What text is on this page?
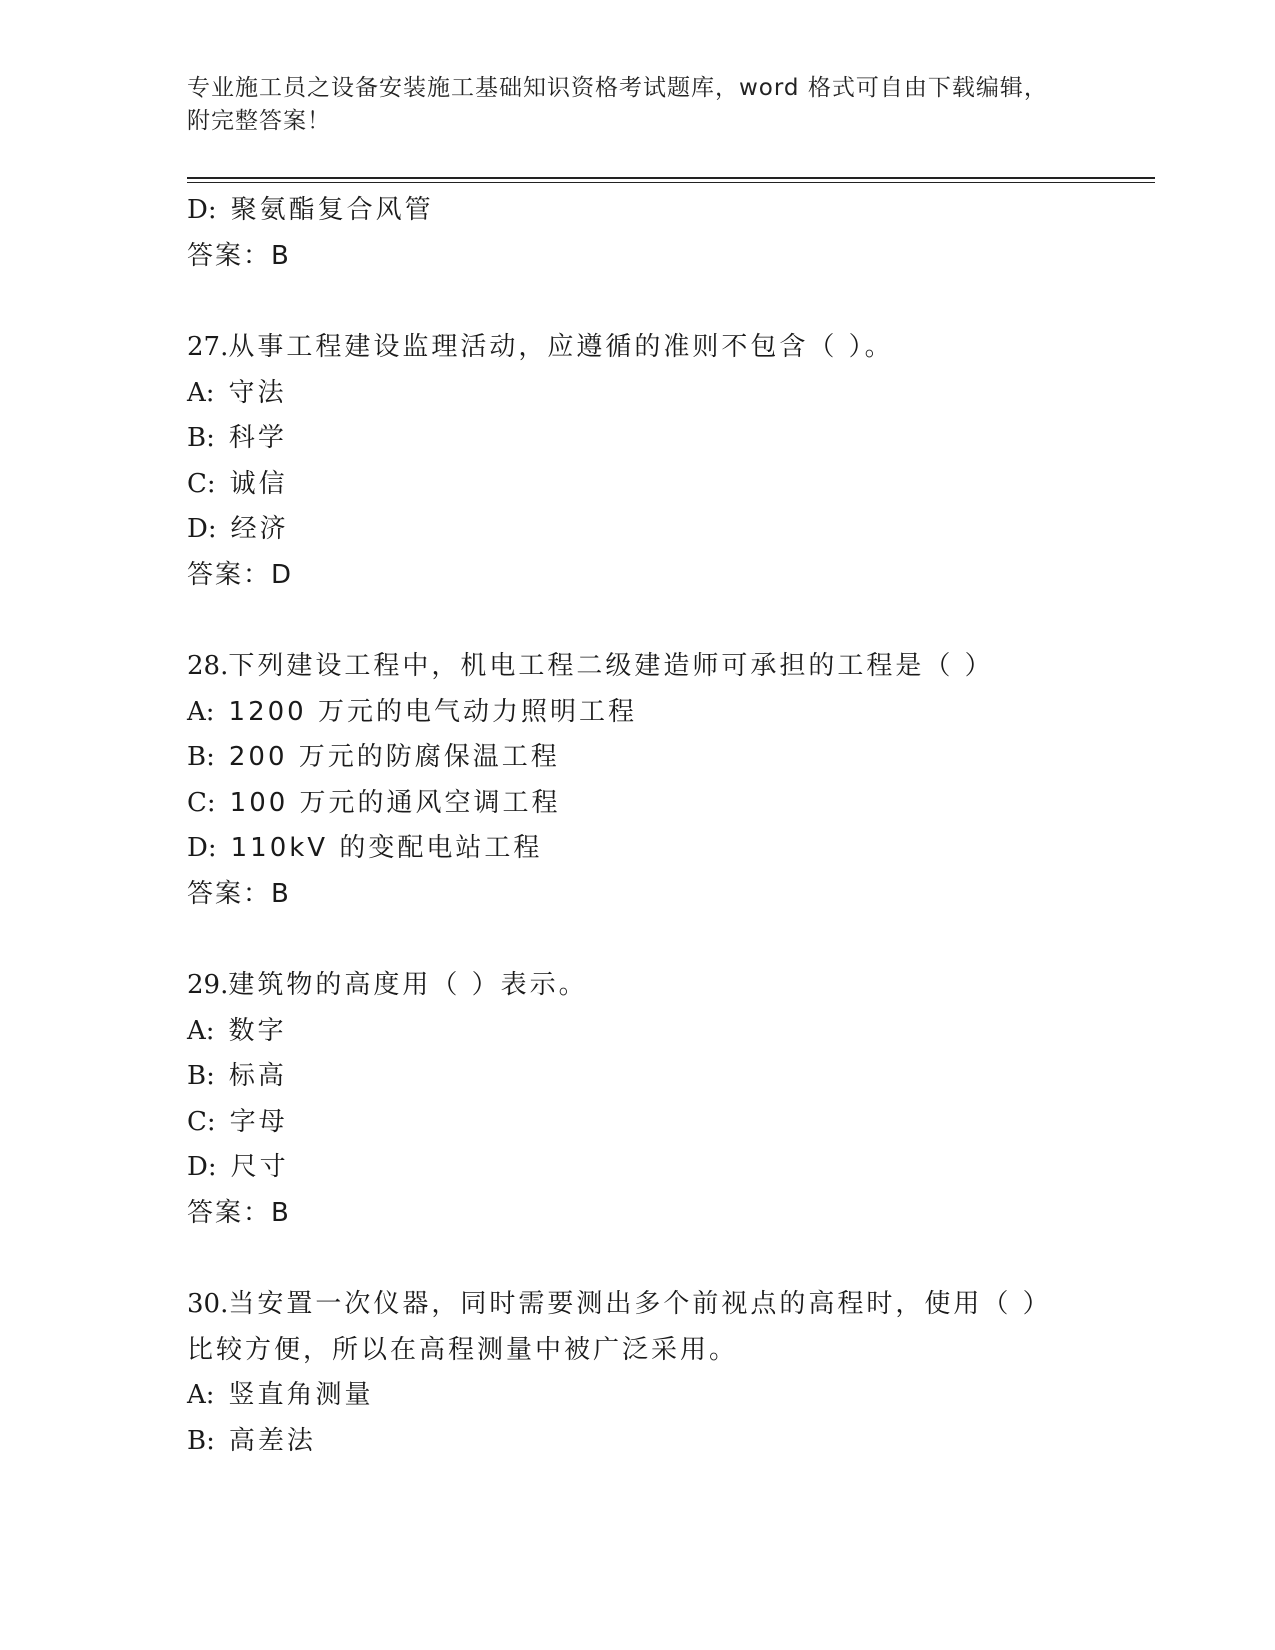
专业施工员之设备安装施工基础知识资格考试题库，word 格式可自由下载编辑，
附完整答案！
D: 聚氨酯复合风管
答案：B
27.从事工程建设监理活动，应遵循的准则不包含（ ）。
A: 守法
B: 科学
C: 诚信
D: 经济
答案：D
28.下列建设工程中，机电工程二级建造师可承担的工程是（ ）
A: 1200 万元的电气动力照明工程
B: 200 万元的防腐保温工程
C: 100 万元的通风空调工程
D: 110kV 的变配电站工程
答案：B
29.建筑物的高度用（ ）表示。
A: 数字
B: 标高
C: 字母
D: 尺寸
答案：B
30.当安置一次仪器，同时需要测出多个前视点的高程时，使用（ ）
比较方便，所以在高程测量中被广泛采用。
A: 竖直角测量
B: 高差法
